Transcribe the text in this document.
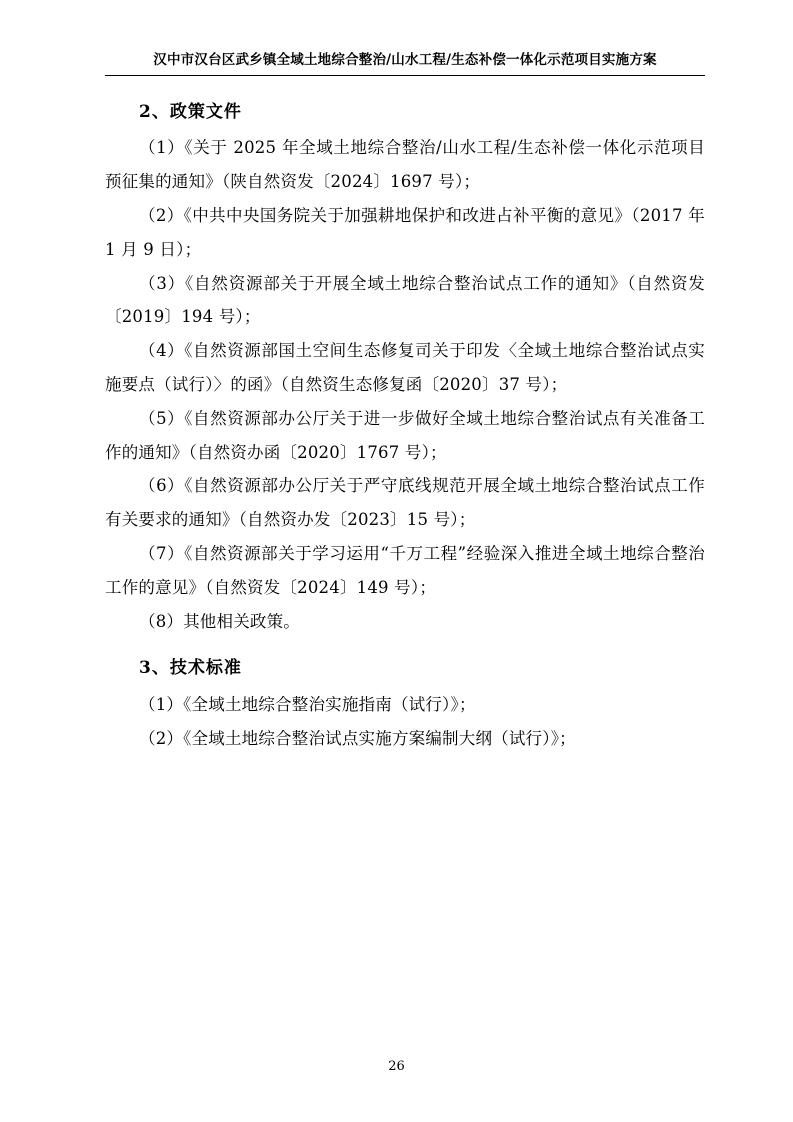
汉中市汉台区武乡镇全域土地综合整治/山水工程/生态补偿一体化示范项目实施方案
2、政策文件

（1）《关于 2025 年全域土地综合整治/山水工程/生态补偿一体化示范项目预征集的通知》（陕自然资发〔2024〕1697 号）；

（2）《中共中央国务院关于加强耕地保护和改进占补平衡的意见》（2017 年 1 月 9 日）；

（3）《自然资源部关于开展全域土地综合整治试点工作的通知》（自然资发〔2019〕194 号）；

（4）《自然资源部国土空间生态修复司关于印发〈全域土地综合整治试点实施要点（试行）〉的函》（自然资生态修复函〔2020〕37 号）；

（5）《自然资源部办公厅关于进一步做好全域土地综合整治试点有关准备工作的通知》（自然资办函〔2020〕1767 号）；

（6）《自然资源部办公厅关于严守底线规范开展全域土地综合整治试点工作有关要求的通知》（自然资办发〔2023〕15 号）；

（7）《自然资源部关于学习运用“千万工程”经验深入推进全域土地综合整治工作的意见》（自然资发〔2024〕149 号）；

（8）其他相关政策。

3、技术标准

（1）《全域土地综合整治实施指南（试行）》；

（2）《全域土地综合整治试点实施方案编制大纲（试行）》；

26
